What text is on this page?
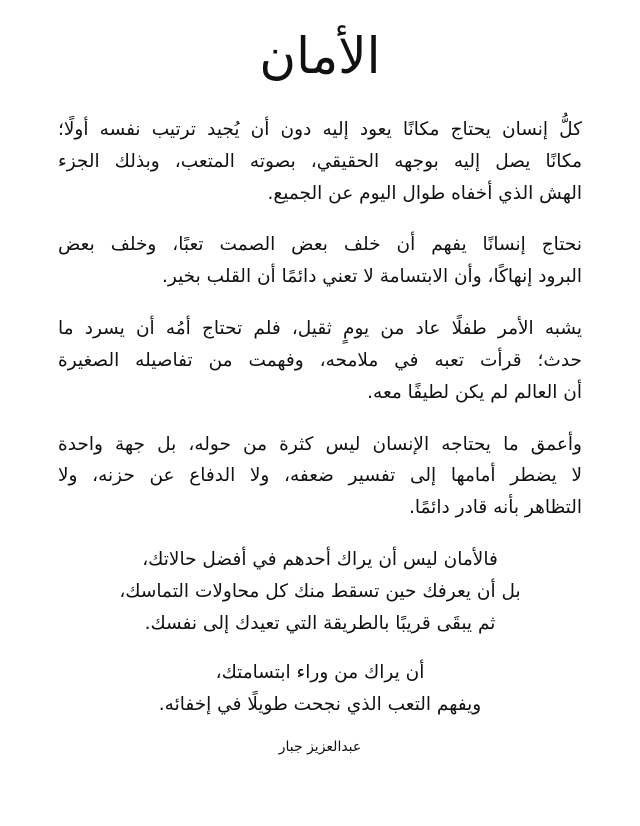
الأمان

كلُّ إنسان يحتاج مكانًا يعود إليه دون أن يُجيد ترتيب نفسه أولًا؛
مكانًا يصل إليه بوجهه الحقيقي، بصوته المتعب، وبذلك الجزء
الهش الذي أخفاه طوال اليوم عن الجميع.

نحتاج إنسانًا يفهم أن خلف بعض الصمت تعبًا، وخلف بعض
البرود إنهاكًا، وأن الابتسامة لا تعني دائمًا أن القلب بخير.

يشبه الأمر طفلًا عاد من يومٍ ثقيل، فلم تحتاج أمُه أن يسرد ما
حدث؛ قرأت تعبه في ملامحه، وفهمت من تفاصيله الصغيرة
أن العالم لم يكن لطيفًا معه.

وأعمق ما يحتاجه الإنسان ليس كثرة من حوله، بل جهة واحدة
لا يضطر أمامها إلى تفسير ضعفه، ولا الدفاع عن حزنه، ولا
التظاهر بأنه قادر دائمًا.

فالأمان ليس أن يراك أحدهم في أفضل حالاتك،
بل أن يعرفك حين تسقط منك كل محاولات التماسك،
ثم يبقَى قريبًا بالطريقة التي تعيدك إلى نفسك.

أن يراك من وراء ابتسامتك،
ويفهم التعب الذي نجحت طويلًا في إخفائه.

عبدالعزيز جبار
